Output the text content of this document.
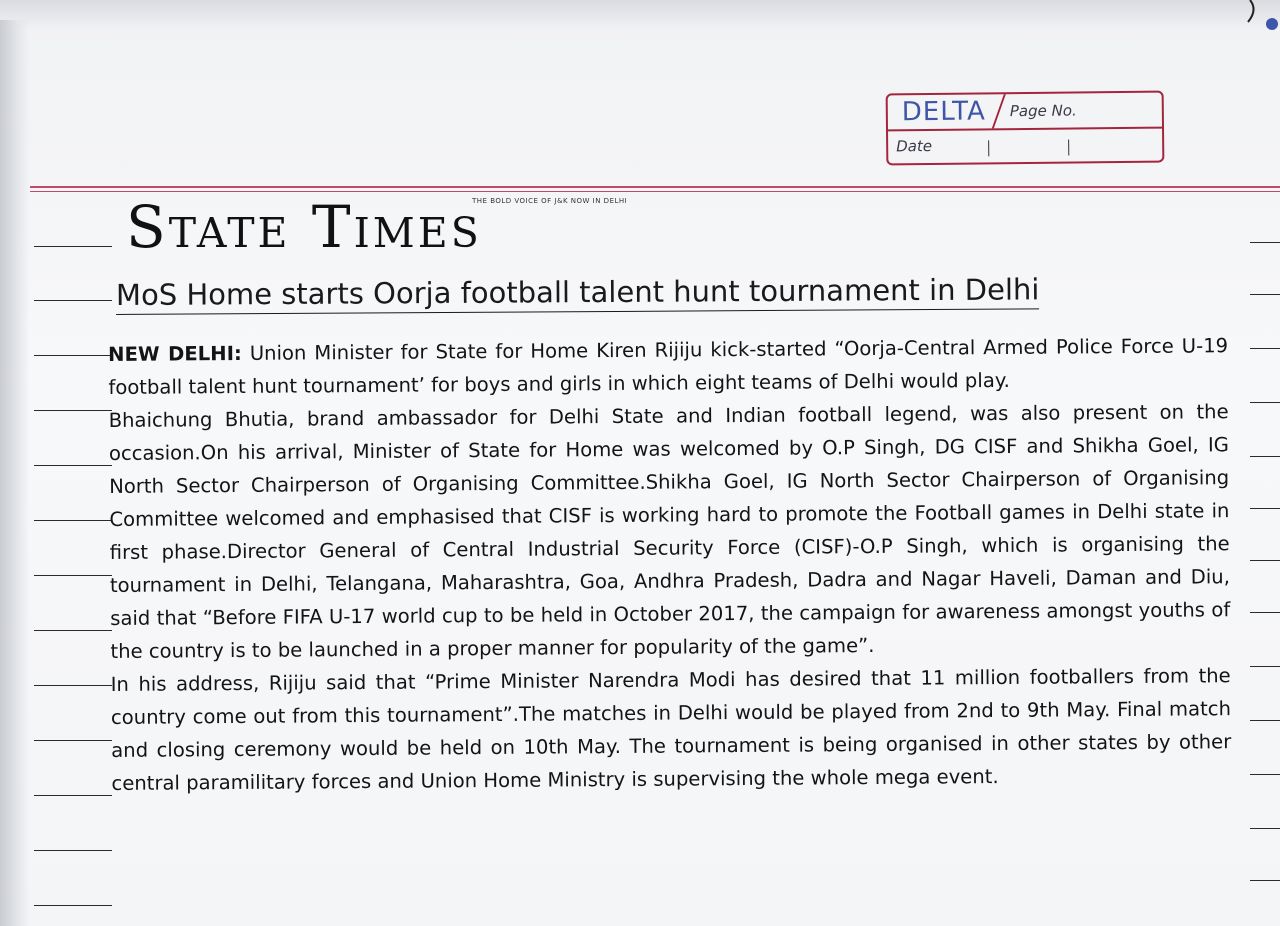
DELTA Page No.
Date
State Times
THE BOLD VOICE OF J&K NOW IN DELHI
MoS Home starts Oorja football talent hunt tournament in Delhi

NEW DELHI: Union Minister for State for Home Kiren Rijiju kick-started “Oorja-Central Armed Police Force U-19 football talent hunt tournament’ for boys and girls in which eight teams of Delhi would play.

Bhaichung Bhutia, brand ambassador for Delhi State and Indian football legend, was also present on the occasion.On his arrival, Minister of State for Home was welcomed by O.P Singh, DG CISF and Shikha Goel, IG North Sector Chairperson of Organising Committee.Shikha Goel, IG North Sector Chairperson of Organising Committee welcomed and emphasised that CISF is working hard to promote the Football games in Delhi state in first phase.Director General of Central Industrial Security Force (CISF)-O.P Singh, which is organising the tournament in Delhi, Telangana, Maharashtra, Goa, Andhra Pradesh, Dadra and Nagar Haveli, Daman and Diu, said that “Before FIFA U-17 world cup to be held in October 2017, the campaign for awareness amongst youths of the country is to be launched in a proper manner for popularity of the game”.

In his address, Rijiju said that “Prime Minister Narendra Modi has desired that 11 million footballers from the country come out from this tournament”.The matches in Delhi would be played from 2nd to 9th May. Final match and closing ceremony would be held on 10th May. The tournament is being organised in other states by other central paramilitary forces and Union Home Ministry is supervising the whole mega event.
